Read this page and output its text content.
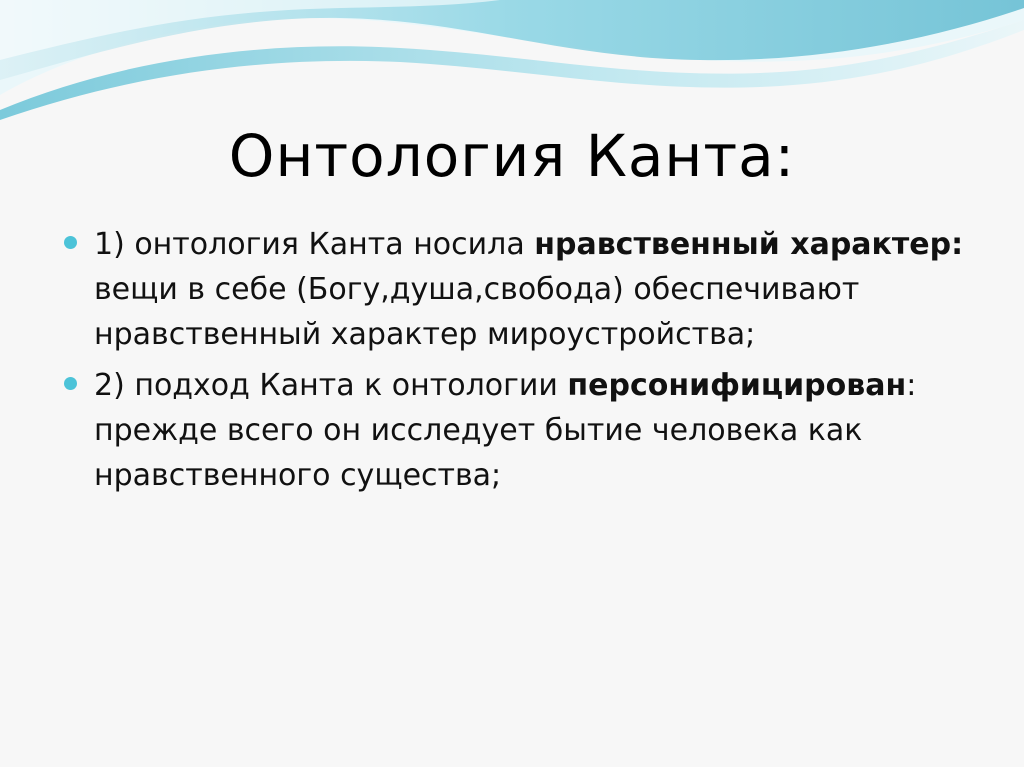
Онтология Канта:
1) онтология Канта носила нравственный характер: вещи в себе (Богу,душа,свобода) обеспечивают нравственный характер мироустройства;
2) подход Канта к онтологии персонифицирован: прежде всего он исследует бытие человека как нравственного существа;
